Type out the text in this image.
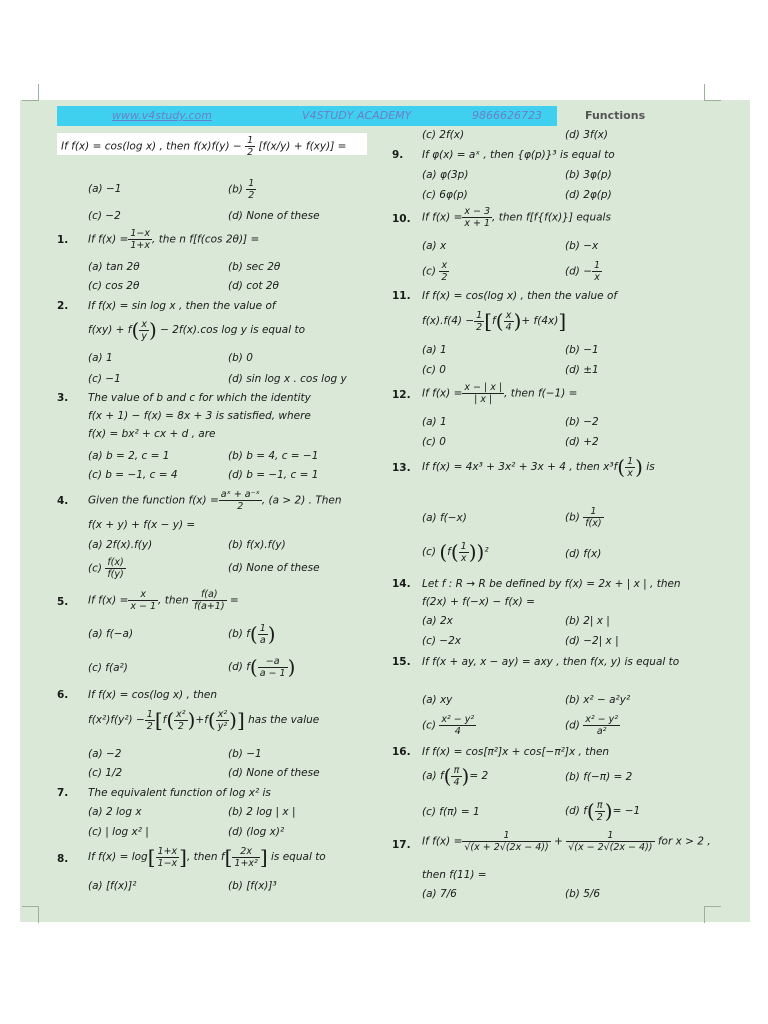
www.v4study.com	V4STUDY ACADEMY	9866626723	Functions
If f(x) = cos(log x) , then $f(x)f(y) - \frac{1}{2} [f(x/y) + f(xy)]$ =
(a) −1	$(b) \frac{1}{2}$
(c) −2	(d) None of these
1. If $f(x) = \frac{1-x}{1+x}$ , the n f[f(cos 2θ)] =
(a) tan 2θ	(b) sec 2θ
(c) cos 2θ	(d) cot 2θ
2. If f(x) = sin log x , then the value of
$f(xy) + f( \frac{x}{y}$ ) − 2f(x).cos log y is equal to
(a) 1	(b) 0
(c) −1	(d) sin log x . cos log y
3. The value of b and c for which the identity
f(x + 1) − f(x) = 8x + 3 is satisfied, where
f(x) = bx² + cx + d , are
(a) b = 2, c = 1	(b) b = 4, c = −1
(c) b = −1, c = 4	(d) b = −1, c = 1
4. Given the function $f(x) = \frac{\text{aˣ + a⁻ˣ}}{2}$ , (a > 2) . Then
f(x + y) + f(x − y) =
(a) 2f(x).f(y)	(b) f(x).f(y)
$(c) \frac{f(x)}{f(y)}$	(d) None of these
5. If $f(x) = \frac{x}{x - 1}$ , then $\frac{f(a)}{f(a+1)}$ =
(a) f(−a)	(b) $f( \frac{1}{a}$ )
(c) f(a²)	(d) $f( \frac{-a}{a - 1}$ )
6. If f(x) = cos(log x) , then
$f(x^2)f(y^2) - \frac{1}{2} [f( \frac{\text{x²}}{2} )+f( \frac{\text{x²}}{\text{y²}}$ )] has the value
(a) −2	(b) −1
(c) 1/2	(d) None of these
7. The equivalent function of log x² is
(a) 2 log x	(b) 2 log | x |
(c) | log x² |	(d) (log x)²
8. If $f(x) = \log[ \frac{1+x}{1-x}$ ], then $f[ \frac{2x}{\text{1+x²}}$ ] is equal to
(a) [f(x)]²	(b) [f(x)]³
(c) 2f(x)	(d) 3f(x)
9. If φ(x) = aˣ , then {φ(p)}³ is equal to
(a) φ(3p)	(b) 3φ(p)
(c) 6φ(p)	(d) 2φ(p)
10. If $f(x) = \frac{x - 3}{x + 1}$ , then f[f{f(x)}] equals
(a) x	(b) −x
$(c) \frac{x}{2}$	$(d) - \frac{1}{x}$
11. If f(x) = cos(log x) , then the value of
$f(x).f(4) - \frac{1}{2} [f( \frac{x}{4}$ )+ f(4x)]
(a) 1	(b) −1
(c) 0	(d) ±1
12. If $f(x) = \frac{x - | x |}{| x |}$ , then f(−1) =
(a) 1	(b) −2
(c) 0	(d) +2
13. If f(x) = 4x³ + 3x² + 3x + 4 , then $x^3f( \frac{1}{x}$ ) is
(a) f(−x)	$(b) \frac{1}{f(x)}$
(c) $(f( \frac{1}{x} ))^2$	(d) f(x)
14. Let f : R → R be defined by f(x) = 2x + | x | , then
f(2x) + f(−x) − f(x) =
(a) 2x	(b) 2| x |
(c) −2x	(d) −2| x |
15. If f(x + ay, x − ay) = axy , then f(x, y) is equal to
(a) xy	(b) x² − a²y²
$(c) \frac{\text{x² − y²}}{4}$	$(d) \frac{\text{x² − y²}}{\text{a²}}$
16. If f(x) = cos[π²]x + cos[−π²]x , then
(a) $f( \frac{\pi}{4}$ )= 2	(b) f(−π) = 2
(c) f(π) = 1	(d) $f( \frac{\pi}{2}$ )= −1
17. If $f(x) = \frac{1}{√(x + 2√(2x - 4))} + \frac{1}{√(x - 2√(2x - 4))}$ for x > 2 ,
then f(11) =
(a) 7/6	(b) 5/6
